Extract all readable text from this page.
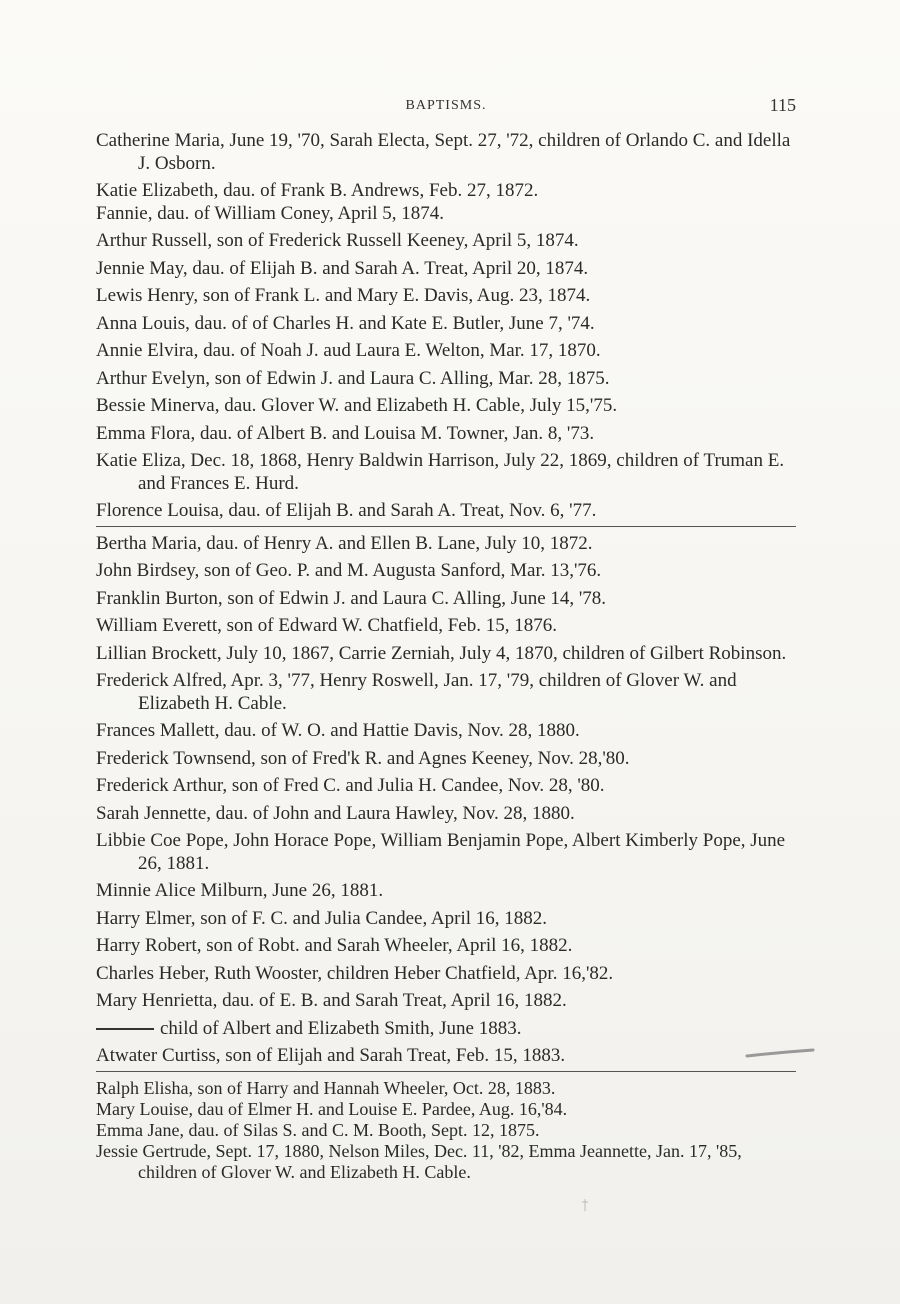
BAPTISMS.	115
Catherine Maria, June 19, '70, Sarah Electa, Sept. 27, '72, children of Orlando C. and Idella J. Osborn.
Katie Elizabeth, dau. of Frank B. Andrews, Feb. 27, 1872.
Fannie, dau. of William Coney, April 5, 1874.
Arthur Russell, son of Frederick Russell Keeney, April 5, 1874.
Jennie May, dau. of Elijah B. and Sarah A. Treat, April 20, 1874.
Lewis Henry, son of Frank L. and Mary E. Davis, Aug. 23, 1874.
Anna Louis, dau. of of Charles H. and Kate E. Butler, June 7, '74.
Annie Elvira, dau. of Noah J. aud Laura E. Welton, Mar. 17, 1870.
Arthur Evelyn, son of Edwin J. and Laura C. Alling, Mar. 28, 1875.
Bessie Minerva, dau. Glover W. and Elizabeth H. Cable, July 15,'75.
Emma Flora, dau. of Albert B. and Louisa M. Towner, Jan. 8, '73.
Katie Eliza, Dec. 18, 1868, Henry Baldwin Harrison, July 22, 1869, children of Truman E. and Frances E. Hurd.
Florence Louisa, dau. of Elijah B. and Sarah A. Treat, Nov. 6, '77.
Bertha Maria, dau. of Henry A. and Ellen B. Lane, July 10, 1872.
John Birdsey, son of Geo. P. and M. Augusta Sanford, Mar. 13,'76.
Franklin Burton, son of Edwin J. and Laura C. Alling, June 14, '78.
William Everett, son of Edward W. Chatfield, Feb. 15, 1876.
Lillian Brockett, July 10, 1867, Carrie Zerniah, July 4, 1870, children of Gilbert Robinson.
Frederick Alfred, Apr. 3, '77, Henry Roswell, Jan. 17, '79, children of Glover W. and Elizabeth H. Cable.
Frances Mallett, dau. of W. O. and Hattie Davis, Nov. 28, 1880.
Frederick Townsend, son of Fred'k R. and Agnes Keeney, Nov. 28,'80.
Frederick Arthur, son of Fred C. and Julia H. Candee, Nov. 28, '80.
Sarah Jennette, dau. of John and Laura Hawley, Nov. 28, 1880.
Libbie Coe Pope, John Horace Pope, William Benjamin Pope, Albert Kimberly Pope, June 26, 1881.
Minnie Alice Milburn, June 26, 1881.
Harry Elmer, son of F. C. and Julia Candee, April 16, 1882.
Harry Robert, son of Robt. and Sarah Wheeler, April 16, 1882.
Charles Heber, Ruth Wooster, children Heber Chatfield, Apr. 16,'82.
Mary Henrietta, dau. of E. B. and Sarah Treat, April 16, 1882.
child of Albert and Elizabeth Smith, June 1883.
Atwater Curtiss, son of Elijah and Sarah Treat, Feb. 15, 1883.
Ralph Elisha, son of Harry and Hannah Wheeler, Oct. 28, 1883.
Mary Louise, dau of Elmer H. and Louise E. Pardee, Aug. 16,'84.
Emma Jane, dau. of Silas S. and C. M. Booth, Sept. 12, 1875.
Jessie Gertrude, Sept. 17, 1880, Nelson Miles, Dec. 11, '82, Emma Jeannette, Jan. 17, '85, children of Glover W. and Elizabeth H. Cable.
